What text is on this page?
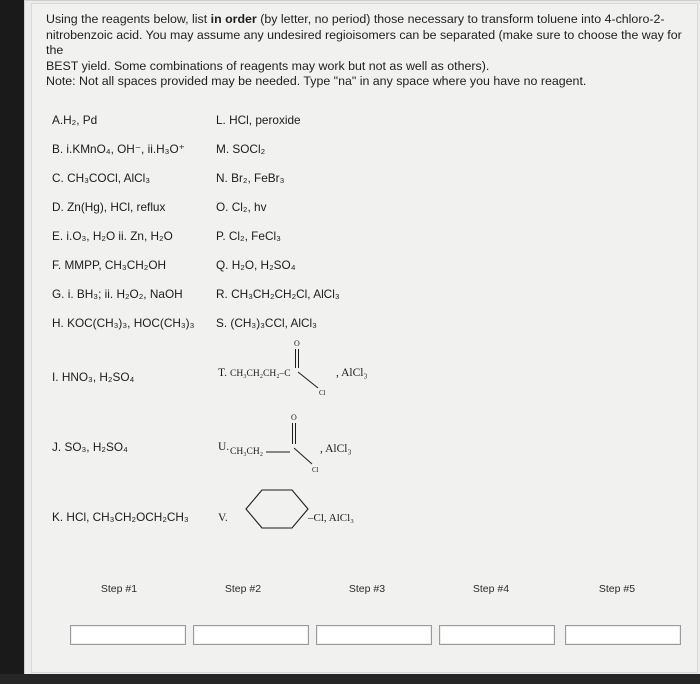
Using the reagents below, list in order (by letter, no period) those necessary to transform toluene into 4-chloro-2-

nitrobenzoic acid. You may assume any undesired regioisomers can be separated (make sure to choose the way for the

BEST yield. Some combinations of reagents may work but not as well as others).

Note: Not all spaces provided may be needed. Type "na" in any space where you have no reagent.

A.H₂, Pd
B. i.KMnO₄, OH⁻, ii.H₃O⁺
C. CH₃COCl, AlCl₃
D. Zn(Hg), HCl, reflux
E. i.O₃, H₂O ii. Zn, H₂O
F. MMPP, CH₃CH₂OH
G. i. BH₃; ii. H₂O₂, NaOH
H. KOC(CH₃)₃, HOC(CH₃)₃
I. HNO₃, H₂SO₄
J. SO₃, H₂SO₄
K. HCl, CH₃CH₂OCH₂CH₃
L. HCl, peroxide
M. SOCl₂
N. Br₂, FeBr₃
O. Cl₂, hv
P. Cl₂, FeCl₃
Q. H₂O, H₂SO₄
R. CH₃CH₂CH₂Cl, AlCl₃
S. (CH₃)₃CCl, AlCl₃
T. CH₃CH₂CH₂–C
O
Cl
, AlCl₃
U. CH₃CH₂
O
Cl
, AlCl₃
V.	–Cl, AlCl₃
Step #1	Step #2	Step #3	Step #4	Step #5
